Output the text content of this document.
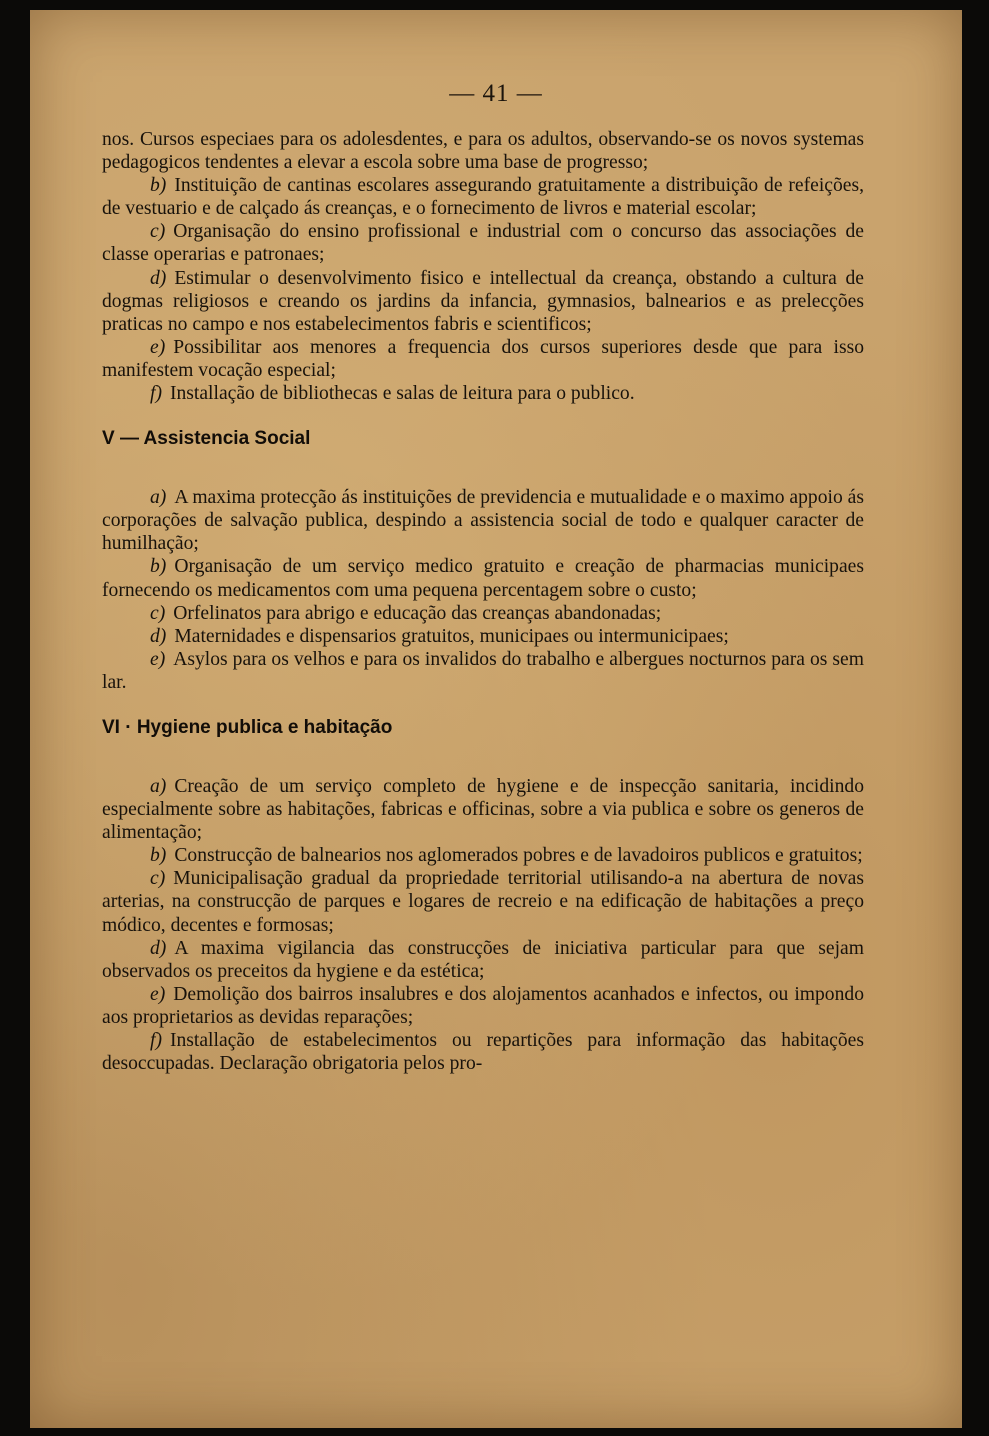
— 41 —

nos. Cursos especiaes para os adolesdentes, e para os adultos, observando-se os novos systemas pedagogicos tendentes a elevar a escola sobre uma base de progresso;

b) Instituição de cantinas escolares assegurando gratuitamente a distribuição de refeições, de vestuario e de calçado ás creanças, e o fornecimento de livros e material escolar;

c) Organisação do ensino profissional e industrial com o concurso das associações de classe operarias e patronaes;

d) Estimular o desenvolvimento fisico e intellectual da creança, obstando a cultura de dogmas religiosos e creando os jardins da infancia, gymnasios, balnearios e as prelecções praticas no campo e nos estabelecimentos fabris e scientificos;

e) Possibilitar aos menores a frequencia dos cursos superiores desde que para isso manifestem vocação especial;

f) Installação de bibliothecas e salas de leitura para o publico.

V — Assistencia Social

a) A maxima protecção ás instituições de previdencia e mutualidade e o maximo appoio ás corporações de salvação publica, despindo a assistencia social de todo e qualquer caracter de humilhação;

b) Organisação de um serviço medico gratuito e creação de pharmacias municipaes fornecendo os medicamentos com uma pequena percentagem sobre o custo;

c) Orfelinatos para abrigo e educação das creanças abandonadas;

d) Maternidades e dispensarios gratuitos, municipaes ou intermunicipaes;

e) Asylos para os velhos e para os invalidos do trabalho e albergues nocturnos para os sem lar.

VI · Hygiene publica e habitação

a) Creação de um serviço completo de hygiene e de inspecção sanitaria, incidindo especialmente sobre as habitações, fabricas e officinas, sobre a via publica e sobre os generos de alimentação;

b) Construcção de balnearios nos aglomerados pobres e de lavadoiros publicos e gratuitos;

c) Municipalisação gradual da propriedade territorial utilisando-a na abertura de novas arterias, na construcção de parques e logares de recreio e na edificação de habitações a preço módico, decentes e formosas;

d) A maxima vigilancia das construcções de iniciativa particular para que sejam observados os preceitos da hygiene e da estética;

e) Demolição dos bairros insalubres e dos alojamentos acanhados e infectos, ou impondo aos proprietarios as devidas reparações;

f) Installação de estabelecimentos ou repartições para informação das habitações desoccupadas. Declaração obrigatoria pelos pro-
